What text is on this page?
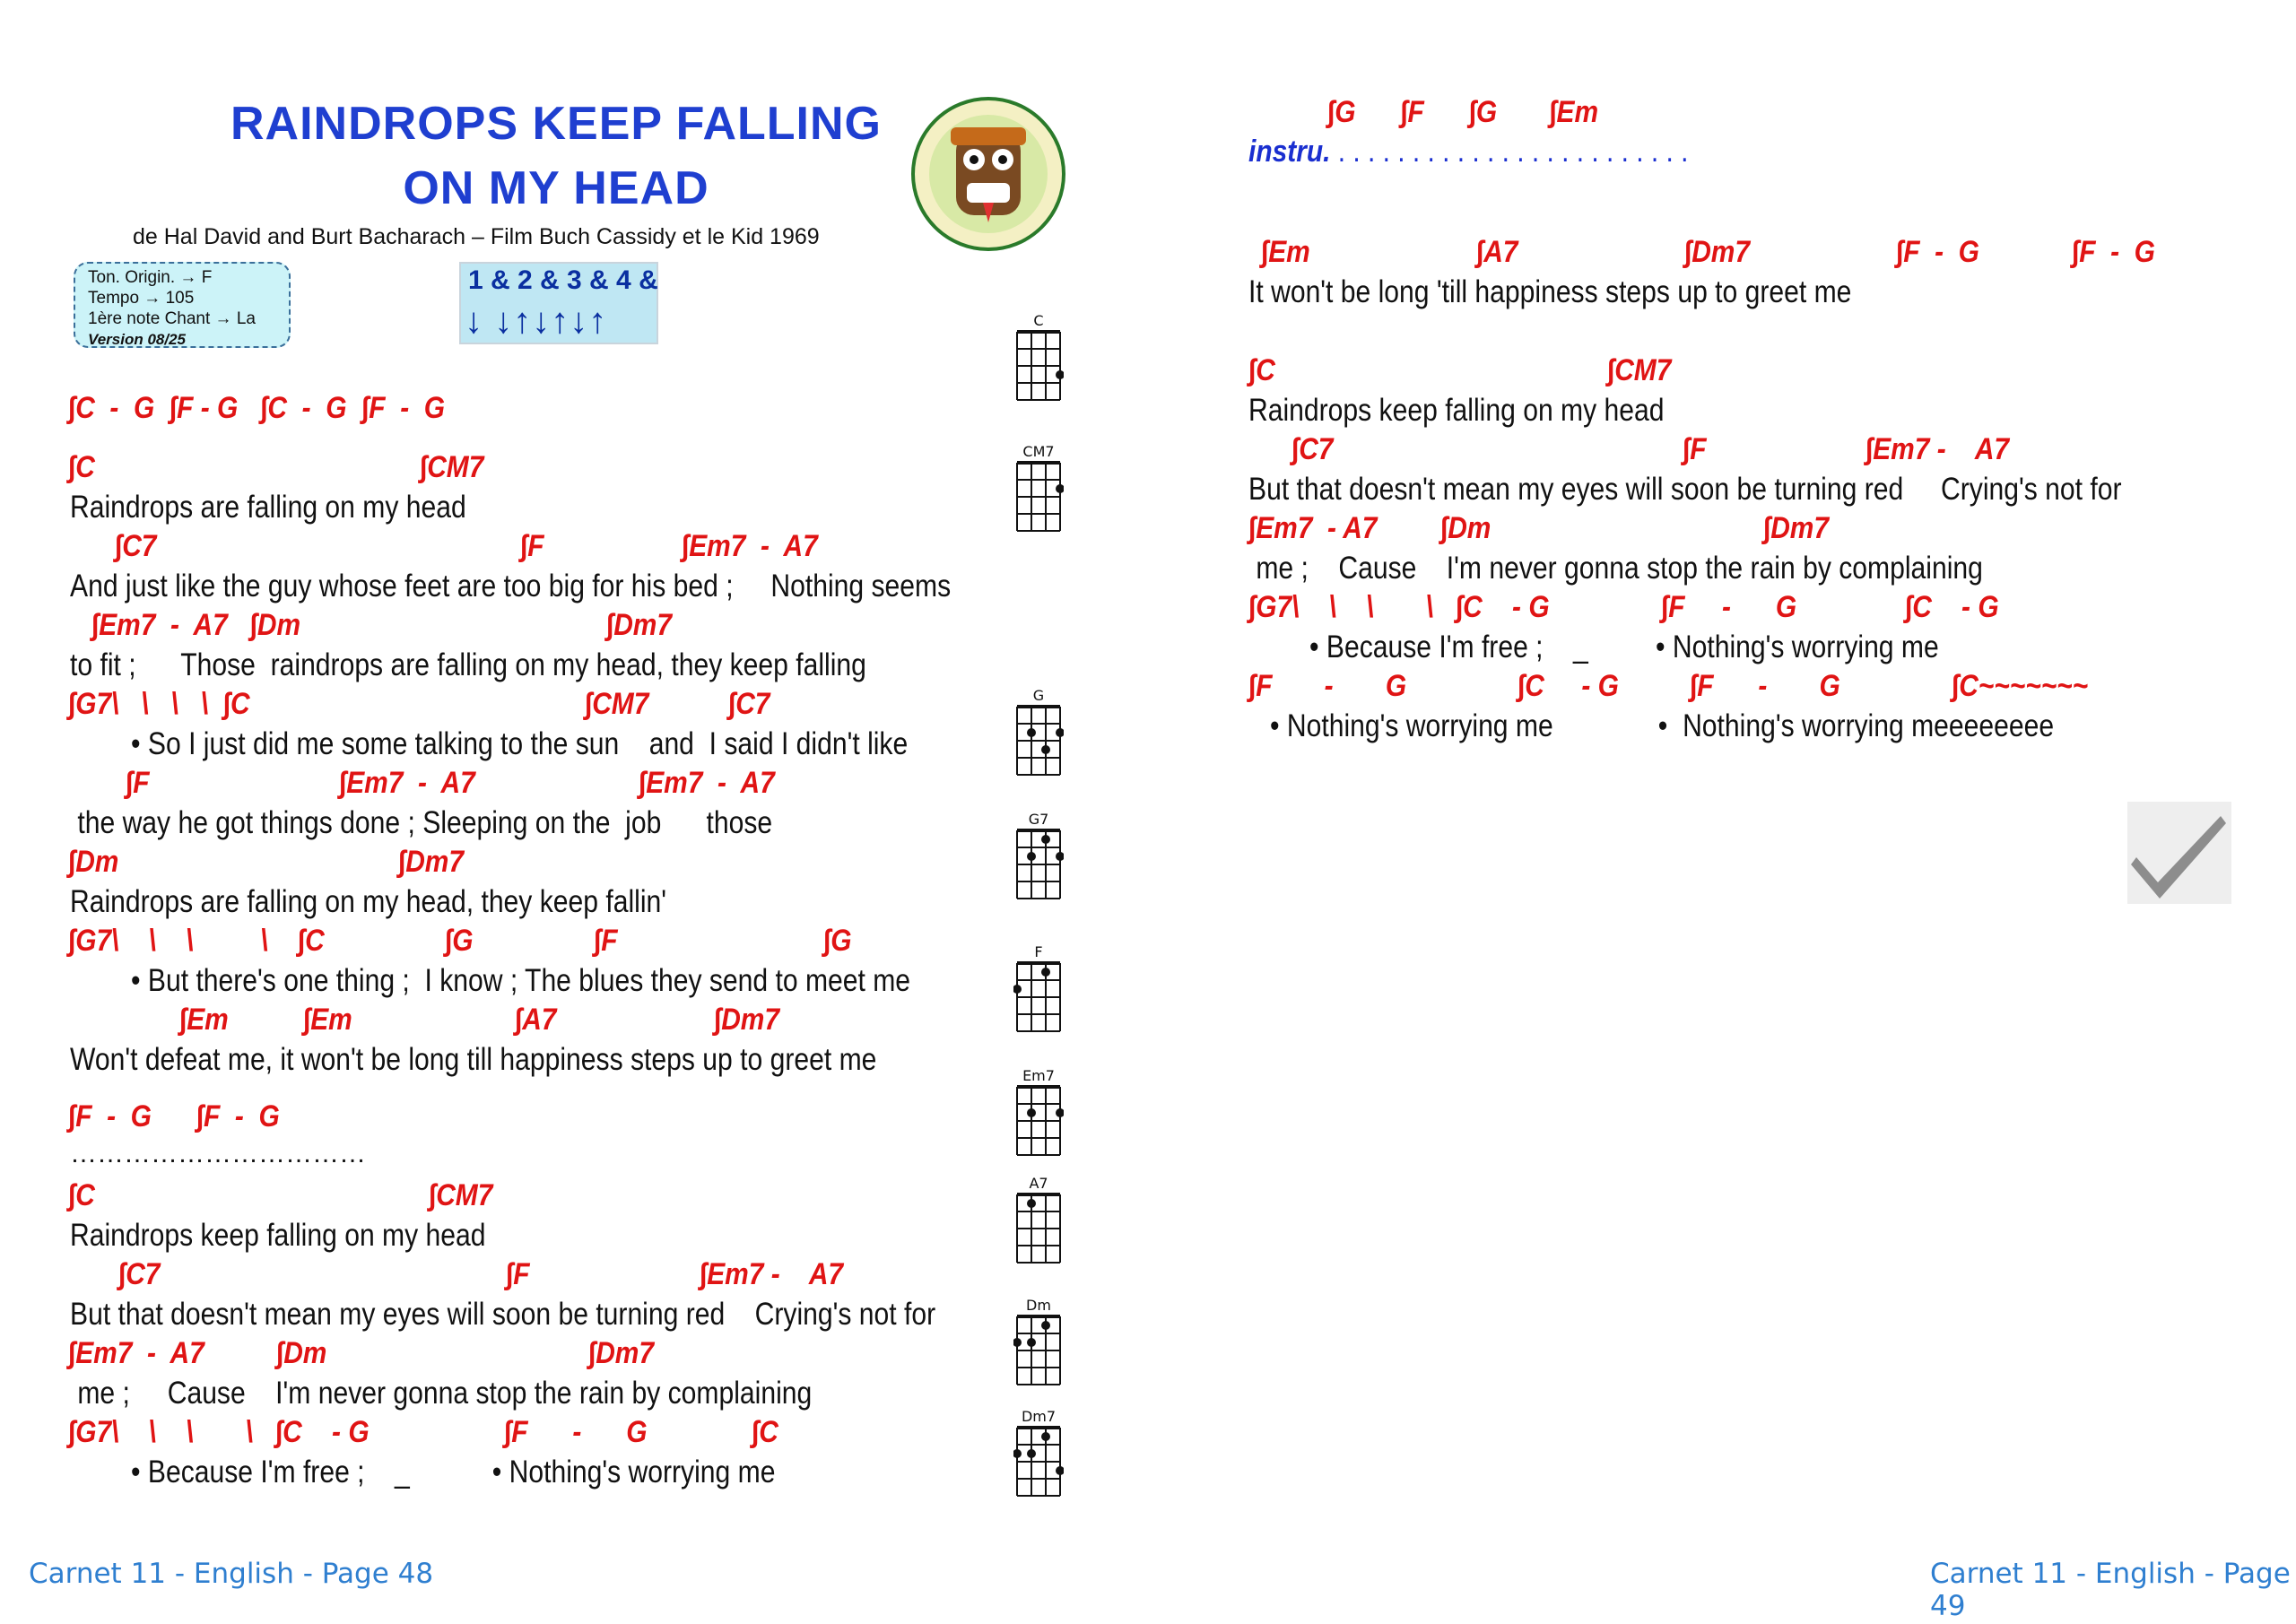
RAINDROPS KEEP FALLING
ON MY HEAD
de Hal David and Burt Bacharach – Film Buch Cassidy et le Kid 1969
Ton. Origin. → F
Tempo → 105
1ère note Chant → La
Version 08/25
1 & 2 & 3 & 4 &
↓ ↓↑↓↑↓↑
∫C  -  G  ∫F - G   ∫C  -  G  ∫F  -  G
∫C	∫CM7
∫C7	∫F	∫Em7  -  A7
∫Em7  -  A7   ∫Dm	∫Dm7
∫G7\   \   \   \  ∫C	∫CM7	∫C7
∫F	∫Em7  -  A7	∫Em7  -  A7
∫Dm	∫Dm7
∫G7\    \    \         \    ∫C	∫G	∫F	∫G
∫Em ∫Em	∫A7	∫Dm7
∫F  -  G      ∫F  -  G
∫C	∫CM7
∫C7	∫F	∫Em7 -    A7
∫Em7  -  A7 ∫Dm	∫Dm7
∫G7\    \    \       \   ∫C    - G	∫F      -      G	∫C
Raindrops are falling on my head
And just like the guy whose feet are too big for his bed ;     Nothing seems
to fit ;      Those  raindrops are falling on my head, they keep falling
• So I just did me some talking to the sun    and  I said I didn't like
the way he got things done ; Sleeping on the  job      those
Raindrops are falling on my head, they keep fallin'
• But there's one thing ;  I know ; The blues they send to meet me
Won't defeat me, it won't be long till happiness steps up to greet me
……………………………
Raindrops keep falling on my head
But that doesn't mean my eyes will soon be turning red    Crying's not for
me ;     Cause    I'm never gonna stop the rain by complaining
• Because I'm free ;    _           • Nothing's worrying me
C
CM7
G
G7
F
Em7
A7
Dm
Dm7
∫G      ∫F      ∫G       ∫Em
instru. . . . . . . . . . . . . . . . . . . . . . . . .
∫Em	∫A7	∫Dm7	∫F  -  G	∫F  -  G
It won't be long 'till happiness steps up to greet me
∫C	∫CM7
Raindrops keep falling on my head
∫C7	∫F	∫Em7 -    A7
But that doesn't mean my eyes will soon be turning red     Crying's not for
∫Em7  - A7 ∫Dm	∫Dm7
me ;    Cause    I'm never gonna stop the rain by complaining
∫G7\    \    \       \   ∫C    - G	∫F     -      G	∫C    - G
• Because I'm free ;    _         • Nothing's worrying me
∫F       -       G	∫C     - G ∫F      -       G	∫C~~~~~~~
• Nothing's worrying me              •  Nothing's worrying meeeeeeee
Carnet 11 - English - Page 48	Carnet 11 - English - Page 49
